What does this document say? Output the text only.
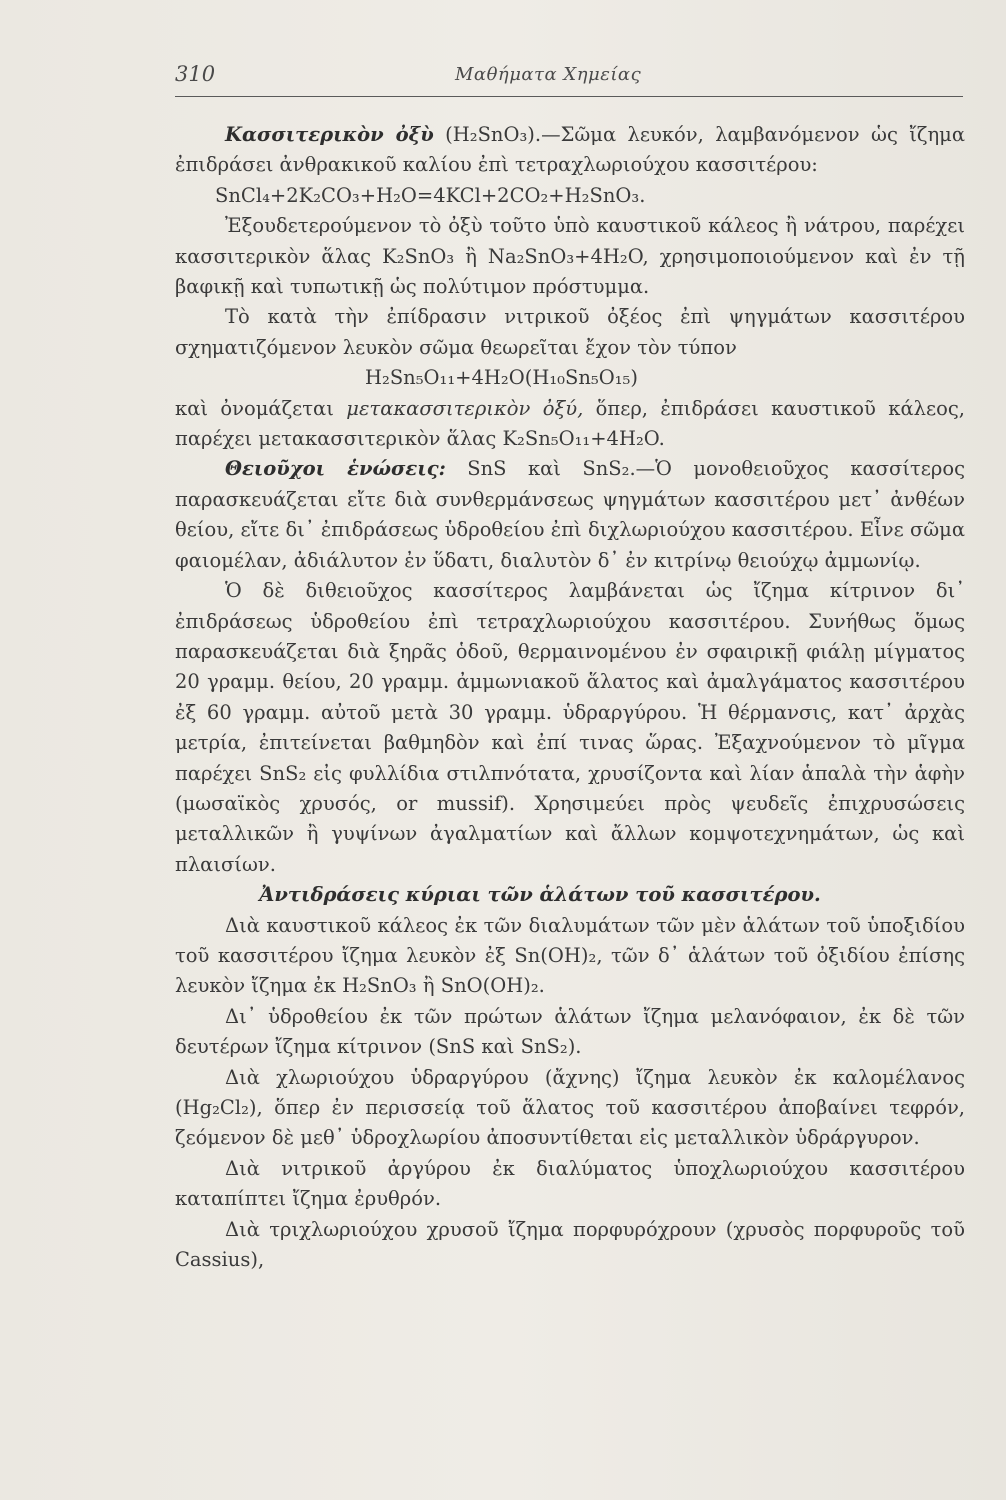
310	Μαθήματα Χημείας

Κασσιτερικὸν ὀξὺ (H₂SnO₃).—Σῶμα λευκόν, λαμβανόμενον ὡς ἴζημα ἐπιδράσει ἀνθρακικοῦ καλίου ἐπὶ τετραχλωριούχου κασσιτέρου:

SnCl₄+2K₂CO₃+H₂O=4KCl+2CO₂+H₂SnO₃.

Ἐξουδετερούμενον τὸ ὀξὺ τοῦτο ὑπὸ καυστικοῦ κάλεος ἢ νάτρου, παρέχει κασσιτερικὸν ἅλας K₂SnO₃ ἢ Na₂SnO₃+4H₂O, χρησιμοποιούμενον καὶ ἐν τῇ βαφικῇ καὶ τυπωτικῇ ὡς πολύτιμον πρόστυμμα.

Τὸ κατὰ τὴν ἐπίδρασιν νιτρικοῦ ὀξέος ἐπὶ ψηγμάτων κασσιτέρου σχηματιζόμενον λευκὸν σῶμα θεωρεῖται ἔχον τὸν τύπον

H₂Sn₅O₁₁+4H₂O(H₁₀Sn₅O₁₅)

καὶ ὀνομάζεται μετακασσιτερικὸν ὀξύ, ὅπερ, ἐπιδράσει καυστικοῦ κάλεος, παρέχει μετακασσιτερικὸν ἅλας K₂Sn₅O₁₁+4H₂O.

Θειοῦχοι ἑνώσεις: SnS καὶ SnS₂.—Ὁ μονοθειοῦχος κασσίτερος παρασκευάζεται εἴτε διὰ συνθερμάνσεως ψηγμάτων κασσιτέρου μετ᾽ ἀνθέων θείου, εἴτε δι᾽ ἐπιδράσεως ὑδροθείου ἐπὶ διχλωριούχου κασσιτέρου. Εἶνε σῶμα φαιομέλαν, ἀδιάλυτον ἐν ὕδατι, διαλυτὸν δ᾽ ἐν κιτρίνῳ θειούχῳ ἀμμωνίῳ.

Ὁ δὲ διθειοῦχος κασσίτερος λαμβάνεται ὡς ἴζημα κίτρινον δι᾽ ἐπιδράσεως ὑδροθείου ἐπὶ τετραχλωριούχου κασσιτέρου. Συνήθως ὅμως παρασκευάζεται διὰ ξηρᾶς ὁδοῦ, θερμαινομένου ἐν σφαιρικῇ φιάλῃ μίγματος 20 γραμμ. θείου, 20 γραμμ. ἀμμωνιακοῦ ἅλατος καὶ ἀμαλγάματος κασσιτέρου ἐξ 60 γραμμ. αὐτοῦ μετὰ 30 γραμμ. ὑδραργύρου. Ἡ θέρμανσις, κατ᾽ ἀρχὰς μετρία, ἐπιτείνεται βαθμηδὸν καὶ ἐπί τινας ὥρας. Ἐξαχνούμενον τὸ μῖγμα παρέχει SnS₂ εἰς φυλλίδια στιλπνότατα, χρυσίζοντα καὶ λίαν ἁπαλὰ τὴν ἁφὴν (μωσαϊκὸς χρυσός, or mussif). Χρησιμεύει πρὸς ψευδεῖς ἐπιχρυσώσεις μεταλλικῶν ἢ γυψίνων ἀγαλματίων καὶ ἄλλων κομψοτεχνημάτων, ὡς καὶ πλαισίων.

Ἀντιδράσεις κύριαι τῶν ἁλάτων τοῦ κασσιτέρου.

Διὰ καυστικοῦ κάλεος ἐκ τῶν διαλυμάτων τῶν μὲν ἁλάτων τοῦ ὑποξιδίου τοῦ κασσιτέρου ἴζημα λευκὸν ἐξ Sn(OH)₂, τῶν δ᾽ ἁλάτων τοῦ ὀξιδίου ἐπίσης λευκὸν ἴζημα ἐκ H₂SnO₃ ἢ SnO(OH)₂.

Δι᾽ ὑδροθείου ἐκ τῶν πρώτων ἁλάτων ἴζημα μελανόφαιον, ἐκ δὲ τῶν δευτέρων ἴζημα κίτρινον (SnS καὶ SnS₂).

Διὰ χλωριούχου ὑδραργύρου (ἄχνης) ἴζημα λευκὸν ἐκ καλομέλανος (Hg₂Cl₂), ὅπερ ἐν περισσείᾳ τοῦ ἅλατος τοῦ κασσιτέρου ἀποβαίνει τεφρόν, ζεόμενον δὲ μεθ᾽ ὑδροχλωρίου ἀποσυντίθεται εἰς μεταλλικὸν ὑδράργυρον.

Διὰ νιτρικοῦ ἀργύρου ἐκ διαλύματος ὑποχλωριούχου κασσιτέρου καταπίπτει ἴζημα ἐρυθρόν.

Διὰ τριχλωριούχου χρυσοῦ ἴζημα πορφυρόχρουν (χρυσὸς πορφυροῦς τοῦ Cassius),
